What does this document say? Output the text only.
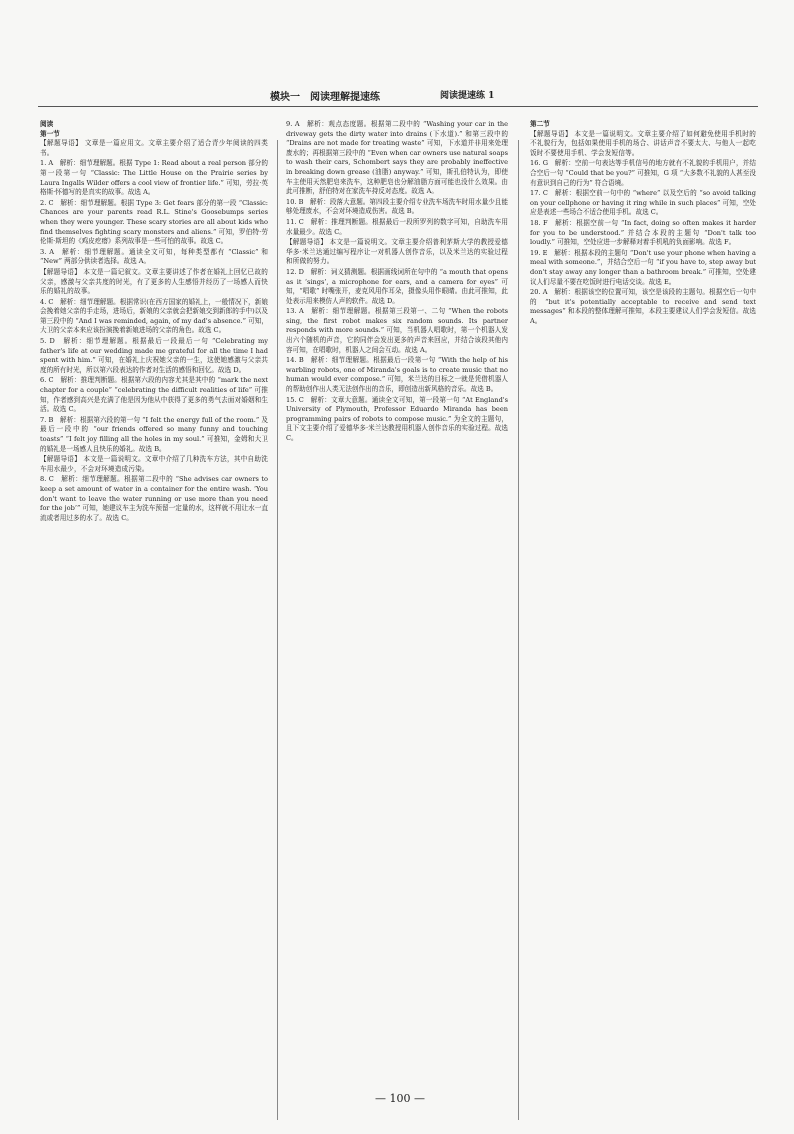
模块一　阅读理解提速练	阅读提速练 1
阅读
第一节
【解题导语】 文章是一篇应用文。文章主要介绍了适合青少年阅读的四类书。
1. A　解析：细节理解题。根据 Type 1: Read about a real person 部分的第一段第一句 “Classic: The Little House on the Prairie series by Laura Ingalls Wilder offers a cool view of frontier life.” 可知，劳拉·英格斯·怀德写的是真实的故事。故选 A。
2. C　解析：细节理解题。根据 Type 3: Get fears 部分的第一段 “Classic: Chances are your parents read R.L. Stine's Goosebumps series when they were younger. These scary stories are all about kids who find themselves fighting scary monsters and aliens.” 可知，罗伯特·劳伦斯·斯坦的《鸡皮疙瘩》系列故事是一些可怕的故事。故选 C。
3. A　解析：细节理解题。通读全文可知，每种类型都有 “Classic” 和 “New” 两部分供读者选择。故选 A。
【解题导语】 本文是一篇记叙文。文章主要讲述了作者在婚礼上回忆已故的父亲，感激与父亲共度的时光，有了更多的人生感悟并经历了一场感人而快乐的婚礼的故事。
4. C　解析：细节理解题。根据常识(在西方国家的婚礼上，一般情况下，新娘会挽着她父亲的手走场，进场后，新娘的父亲就会把新娘交到新郎的手中)以及第三段中的 “And I was reminded, again, of my dad's absence.” 可知，大卫的父亲本来应该扮演挽着新娘进场的父亲的角色。故选 C。
5. D　解析：细节理解题。根据最后一段最后一句 “Celebrating my father's life at our wedding made me grateful for all the time I had spent with him.” 可知，在婚礼上庆祝她父亲的一生，这使她感激与父亲共度的所有时光，所以第六段表达的作者对生活的感悟和回忆。故选 D。
6. C　解析：推理判断题。根据第六段的内容尤其是其中的 “mark the next chapter for a couple” “celebrating the difficult realities of life” 可推知，作者感到高兴是充满了他是因为他从中获得了更多的勇气去面对婚姻和生活。故选 C。
7. B　解析：根据第六段的第一句 “I felt the energy full of the room.” 及最后一段中的 “our friends offered so many funny and touching toasts” “I felt joy filling all the holes in my soul.” 可推知，金姆和大卫的婚礼是一场感人且快乐的婚礼。故选 B。
【解题导语】 本文是一篇说明文。文章中介绍了几种洗车方法，其中自助洗车用水最少，不会对环境造成污染。
8. C　解析：细节理解题。根据第二段中的 “She advises car owners to keep a set amount of water in a container for the entire wash. ‘You don't want to leave the water running or use more than you need for the job’” 可知，她建议车主为洗车预留一定量的水，这样就不用让水一直流或者用过多的水了。故选 C。
9. A　解析：观点态度题。根据第二段中的 “Washing your car in the driveway gets the dirty water into drains (下水道).” 和第三段中的 “Drains are not made for treating waste” 可知，下水道并非用来处理废水的；再根据第三段中的 “Even when car owners use natural soaps to wash their cars, Schombert says they are probably ineffective in breaking down grease (油脂) anyway.” 可知，斯孔伯特认为，即使车主使用天然肥皂来洗车，这种肥皂也分解油脂方面可能也没什么效果。由此可推断，舒伯特对在家洗车持反对态度。故选 A。
10. B　解析：段落大意题。第四段主要介绍专业洗车场洗车时用水量少且能够处理废水，不会对环境造成伤害。故选 B。
11. C　解析：推理判断题。根据最后一段所罗列的数字可知，自助洗车用水量最少。故选 C。
【解题导语】 本文是一篇说明文。文章主要介绍普利茅斯大学的教授爱德华多·米兰达通过编写程序让一对机器人创作音乐，以及米兰达的实验过程和所做的努力。
12. D　解析：词义猜测题。根据画线词所在句中的 “a mouth that opens as it ‘sings’, a microphone for ears, and a camera for eyes” 可知，“唱歌” 时嘴张开，麦克风用作耳朵，摄像头用作眼睛。由此可推知，此处表示用来模仿人声的软件。故选 D。
13. A　解析：细节理解题。根据第三段第一、二句 “When the robots sing, the first robot makes six random sounds. Its partner responds with more sounds.” 可知，当机器人唱歌时，第一个机器人发出六个随机的声音，它的同伴会发出更多的声音来回应，并结合该段其他内容可知，在唱歌时，机器人之间会互动。故选 A。
14. B　解析：细节理解题。根据最后一段第一句 “With the help of his warbling robots, one of Miranda's goals is to create music that no human would ever compose.” 可知，米兰达的目标之一就是凭借机器人的帮助创作出人类无法创作出的音乐，即创造出新风格的音乐。故选 B。
15. C　解析：文章大意题。通读全文可知，第一段第一句 “At England's University of Plymouth, Professor Eduardo Miranda has been programming pairs of robots to compose music.” 为全文的主题句，且下文主要介绍了爱德华多·米兰达教授用机器人创作音乐的实验过程。故选 C。
第二节
【解题导语】 本文是一篇说明文。文章主要介绍了如何避免使用手机时的不礼貌行为，包括如果使用手机的场合、讲话声音不要太大、与他人一起吃饭时不要使用手机、学会发短信等。
16. G　解析：空前一句表达等手机信号的地方就有不礼貌的手机用户，并结合空后一句 “Could that be you?” 可推知，G 项 “大多数不礼貌的人甚至没有意识到自己的行为” 符合语境。
17. C　解析：根据空前一句中的 “where” 以及空后的 “so avoid talking on your cellphone or having it ring while in such places” 可知，空处应是表述一些场合不适合使用手机。故选 C。
18. F　解析：根据空前一句 “In fact, doing so often makes it harder for you to be understood.” 并结合本段的主题句 “Don't talk too loudly.” 可推知，空处应进一步解释对着手机吼的负面影响。故选 F。
19. E　解析：根据本段的主题句 “Don't use your phone when having a meal with someone.”，并结合空后一句 “if you have to, step away but don't stay away any longer than a bathroom break.” 可推知，空处建议人们尽量不要在吃饭时进行电话交谈。故选 E。
20. A　解析：根据该空的位置可知，该空是该段的主题句。根据空后一句中的 “but it's potentially acceptable to receive and send text messages” 和本段的整体理解可推知，本段主要建议人们学会发短信。故选 A。
— 100 —
